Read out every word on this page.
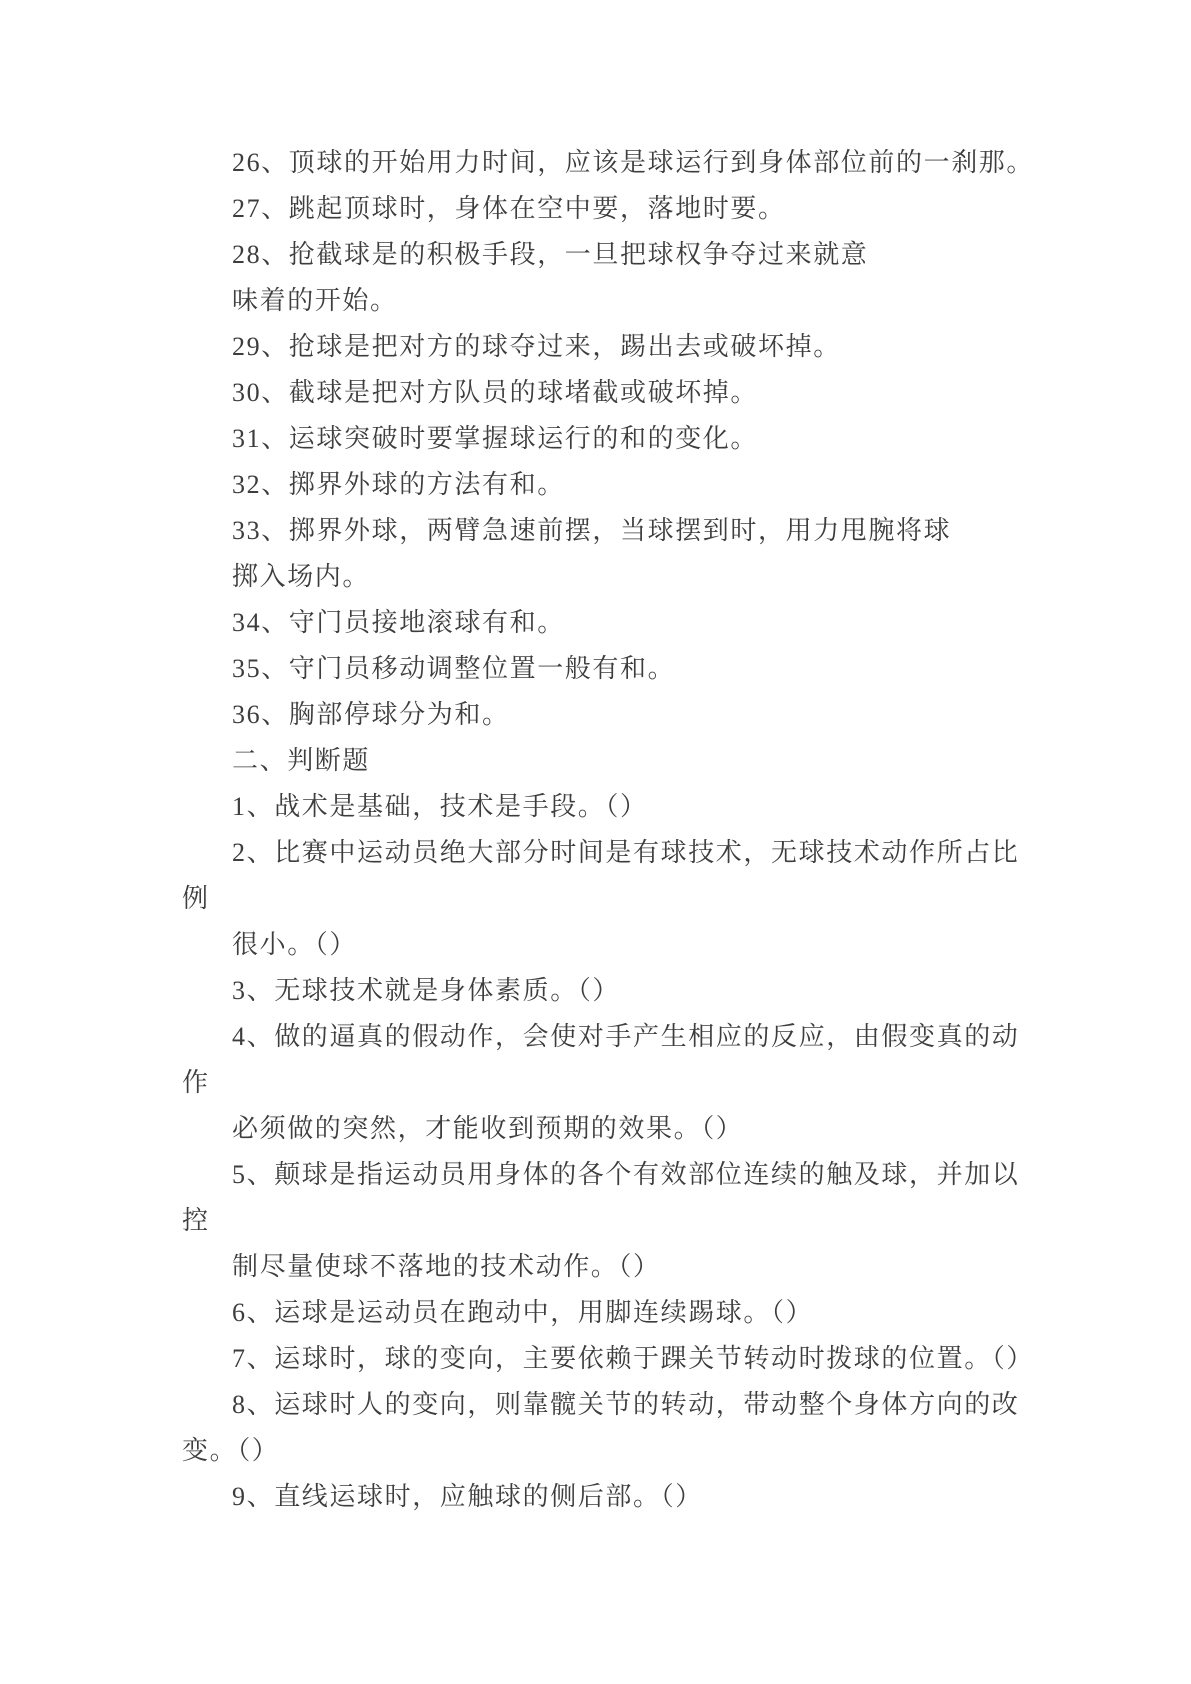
26、顶球的开始用力时间，应该是球运行到身体部位前的一刹那。
27、跳起顶球时，身体在空中要，落地时要。
28、抢截球是的积极手段，一旦把球权争夺过来就意
味着的开始。
29、抢球是把对方的球夺过来，踢出去或破坏掉。
30、截球是把对方队员的球堵截或破坏掉。
31、运球突破时要掌握球运行的和的变化。
32、掷界外球的方法有和。
33、掷界外球，两臂急速前摆，当球摆到时，用力甩腕将球
掷入场内。
34、守门员接地滚球有和。
35、守门员移动调整位置一般有和。
36、胸部停球分为和。
二、判断题
1、战术是基础，技术是手段。（）
2、比赛中运动员绝大部分时间是有球技术，无球技术动作所占比
例
很小。（）
3、无球技术就是身体素质。（）
4、做的逼真的假动作，会使对手产生相应的反应，由假变真的动
作
必须做的突然，才能收到预期的效果。（）
5、颠球是指运动员用身体的各个有效部位连续的触及球，并加以
控
制尽量使球不落地的技术动作。（）
6、运球是运动员在跑动中，用脚连续踢球。（）
7、运球时，球的变向，主要依赖于踝关节转动时拨球的位置。（）
8、运球时人的变向，则靠髋关节的转动，带动整个身体方向的改
变。（）
9、直线运球时，应触球的侧后部。（）
